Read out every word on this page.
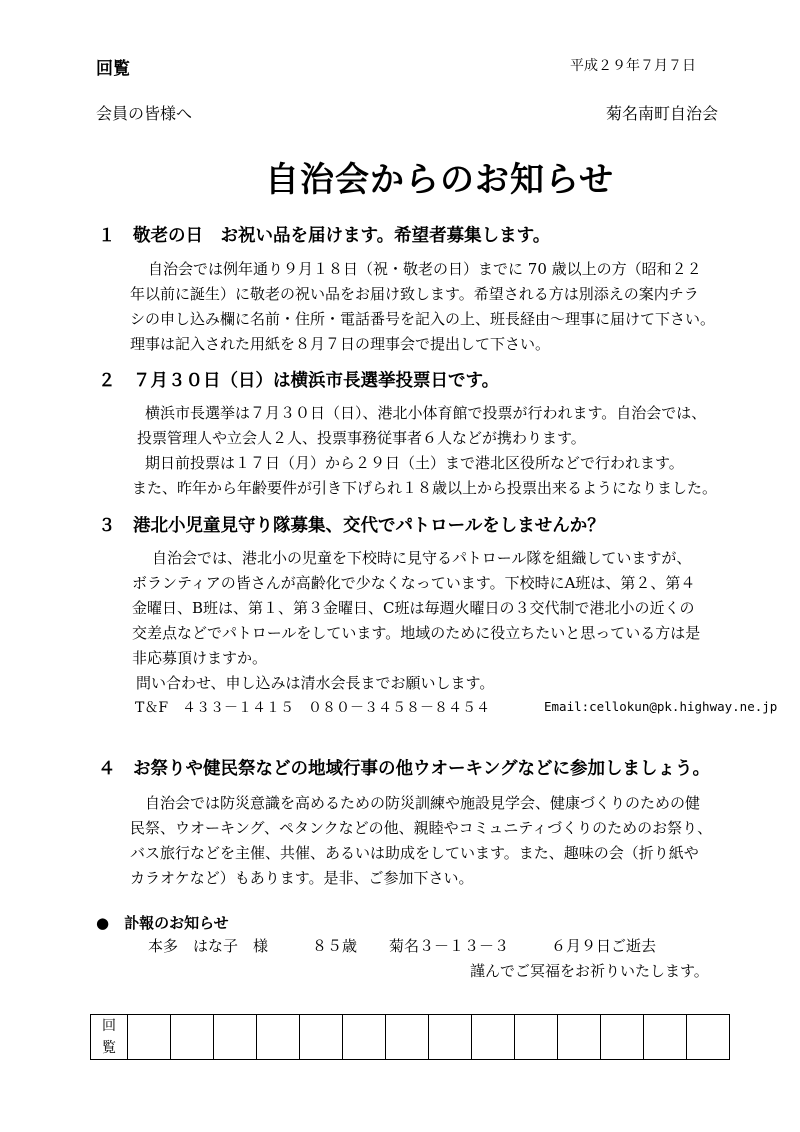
回覧	平成２９年７月７日
会員の皆様へ	菊名南町自治会
自治会からのお知らせ
１　敬老の日　お祝い品を届けます。希望者募集します。
自治会では例年通り９月１８日（祝・敬老の日）までに 70 歳以上の方（昭和２２
年以前に誕生）に敬老の祝い品をお届け致します。希望される方は別添えの案内チラ
シの申し込み欄に名前・住所・電話番号を記入の上、班長経由～理事に届けて下さい。
理事は記入された用紙を８月７日の理事会で提出して下さい。
２　７月３０日（日）は横浜市長選挙投票日です。
横浜市長選挙は７月３０日（日）、港北小体育館で投票が行われます。自治会では、
投票管理人や立会人２人、投票事務従事者６人などが携わります。
期日前投票は１７日（月）から２９日（土）まで港北区役所などで行われます。
また、昨年から年齢要件が引き下げられ１８歳以上から投票出来るようになりました。
３　港北小児童見守り隊募集、交代でパトロールをしませんか？
自治会では、港北小の児童を下校時に見守るパトロール隊を組織していますが、
ボランティアの皆さんが高齢化で少なくなっています。下校時にA班は、第２、第４
金曜日、B班は、第１、第３金曜日、C班は毎週火曜日の３交代制で港北小の近くの
交差点などでパトロールをしています。地域のために役立ちたいと思っている方は是
非応募頂けますか。
問い合わせ、申し込みは清水会長までお願いします。
T＆F　４３３－１４１５　０８０－３４５８－８４５４	Email:cellokun@pk.highway.ne.jp
４　お祭りや健民祭などの地域行事の他ウオーキングなどに参加しましょう。
自治会では防災意識を高めるための防災訓練や施設見学会、健康づくりのための健
民祭、ウオーキング、ペタンクなどの他、親睦やコミュニティづくりのためのお祭り、
バス旅行などを主催、共催、あるいは助成をしています。また、趣味の会（折り紙や
カラオケなど）もあります。是非、ご参加下さい。
●　訃報のお知らせ
本多　はな子　様	８５歳 菊名３－１３－３	６月９日ご逝去
謹んでご冥福をお祈りいたします。
回
覧
